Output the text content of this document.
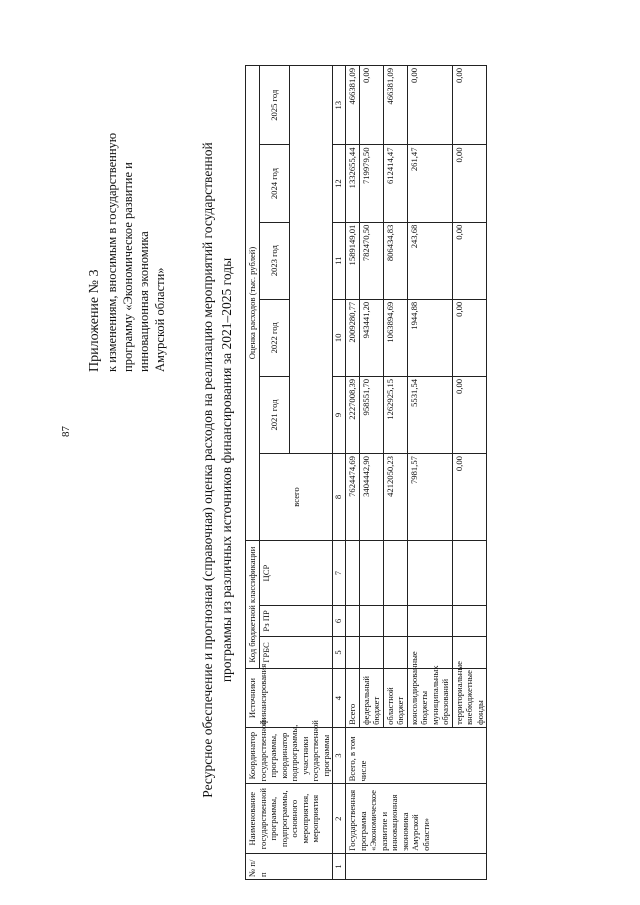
87
Приложение № 3 к изменениям, вносимым в государственную программу «Экономическое развитие и инновационная экономика Амурской области» Ресурсное обеспечение и прогнозная (справочная) оценка расходов на реализацию мероприятий государственной программы из различных источников финансирования за 2021–2025 годы
№ п/п	Наименование государственной программы, подпрограммы, основного мероприятия, мероприятия	Координатор государственной программы, координатор подпрограммы, участники государственной программы	Источники финансирования	Код бюджетной классификации			Оценка расходов (тыс. рублей)					
				ГРБС	Рз ПР	ЦСР	всего	2021 год	2022 год	2023 год	2024 год	2025 год

1	2	3	4	5	6	7	8	9	10	11	12	13
	Государственная программа «Экономическое развитие и инновационная экономика Амурской области»	Всего, в том числе	Всего				7624474,69	2227008,39	2009280,77	1589149,01	1332655,44	466381,09
			федеральный бюджет				3404442,90	958551,70	943441,20	782470,50	719979,50	0,00
			областной бюджет				4212050,23	1262925,15	1063894,69	806434,83	612414,47	466381,09
			консолидированные бюджеты муниципальных образований				7981,57	5531,54	1944,88	243,68	261,47	0,00
			территориальные внебюджетные фонды				0,00	0,00	0,00	0,00	0,00	0,00
